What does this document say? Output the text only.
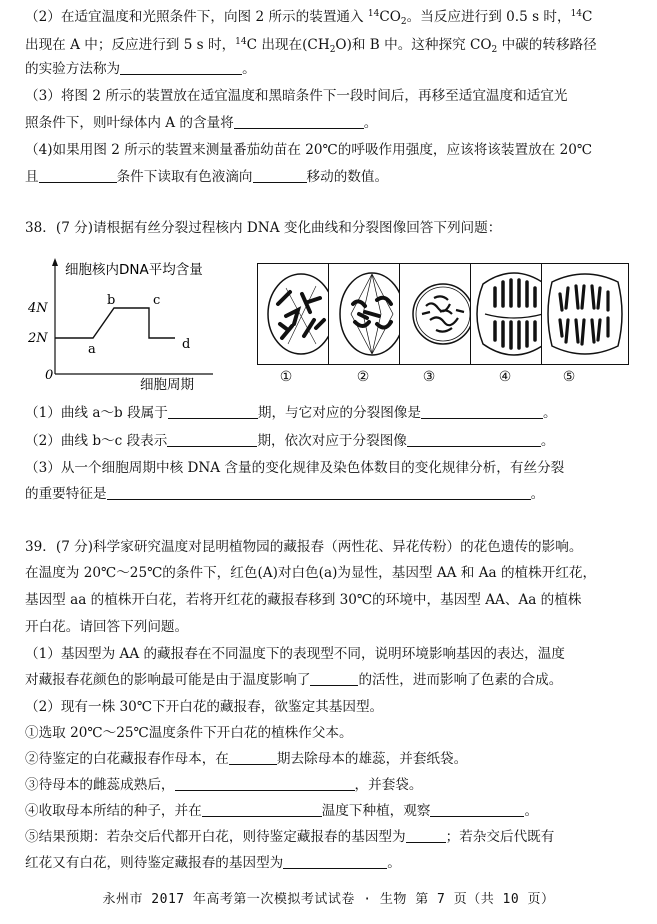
（2）在适宜温度和光照条件下，向图 2 所示的装置通入 $^{14}CO_2$。当反应进行到 0.5 s 时，$^{14}$C
出现在 A 中；反应进行到 5 s 时，$^{14}$C 出现在$(CH_2O)$和 B 中。这种探究 $CO_2$ 中碳的转移路径
的实验方法称为	。
（3）将图 2 所示的装置放在适宜温度和黑暗条件下一段时间后，再移至适宜温度和适宜光
照条件下，则叶绿体内 A 的含量将	。
（4)如果用图 2 所示的装置来测量番茄幼苗在 20℃的呼吸作用强度，应该将该装置放在 20℃
且	条件下读取有色液滴向	移动的数值。
38．(7 分)请根据有丝分裂过程核内 DNA 变化曲线和分裂图像回答下列问题：
细胞核内DNA平均含量
4N
2N
0
a
b	c
d
细胞周期	①	②	③	④	⑤
（1）曲线 a～b 段属于	期，与它对应的分裂图像是	。
（2）曲线 b～c 段表示	期，依次对应于分裂图像	。
（3）从一个细胞周期中核 DNA 含量的变化规律及染色体数目的变化规律分析，有丝分裂
的重要特征是	。
39．(7 分)科学家研究温度对昆明植物园的藏报春（两性花、异花传粉）的花色遗传的影响。
在温度为 20℃～25℃的条件下，红色(A)对白色(a)为显性，基因型 AA 和 Aa 的植株开红花，
基因型 aa 的植株开白花，若将开红花的藏报春移到 30℃的环境中，基因型 AA、Aa 的植株
开白花。请回答下列问题。
（1）基因型为 AA 的藏报春在不同温度下的表现型不同，说明环境影响基因的表达，温度
对藏报春花颜色的影响最可能是由于温度影响了	的活性，进而影响了色素的合成。
（2）现有一株 30℃下开白花的藏报春，欲鉴定其基因型。
①选取 20℃～25℃温度条件下开白花的植株作父本。
②待鉴定的白花藏报春作母本，在	期去除母本的雄蕊，并套纸袋。
③待母本的雌蕊成熟后，	，并套袋。
④收取母本所结的种子，并在	温度下种植，观察	。
⑤结果预期：若杂交后代都开白花，则待鉴定藏报春的基因型为	；若杂交后代既有
红花又有白花，则待鉴定藏报春的基因型为	。
永州市 2017 年高考第一次模拟考试试卷 · 生物 第 7 页（共 10 页）
